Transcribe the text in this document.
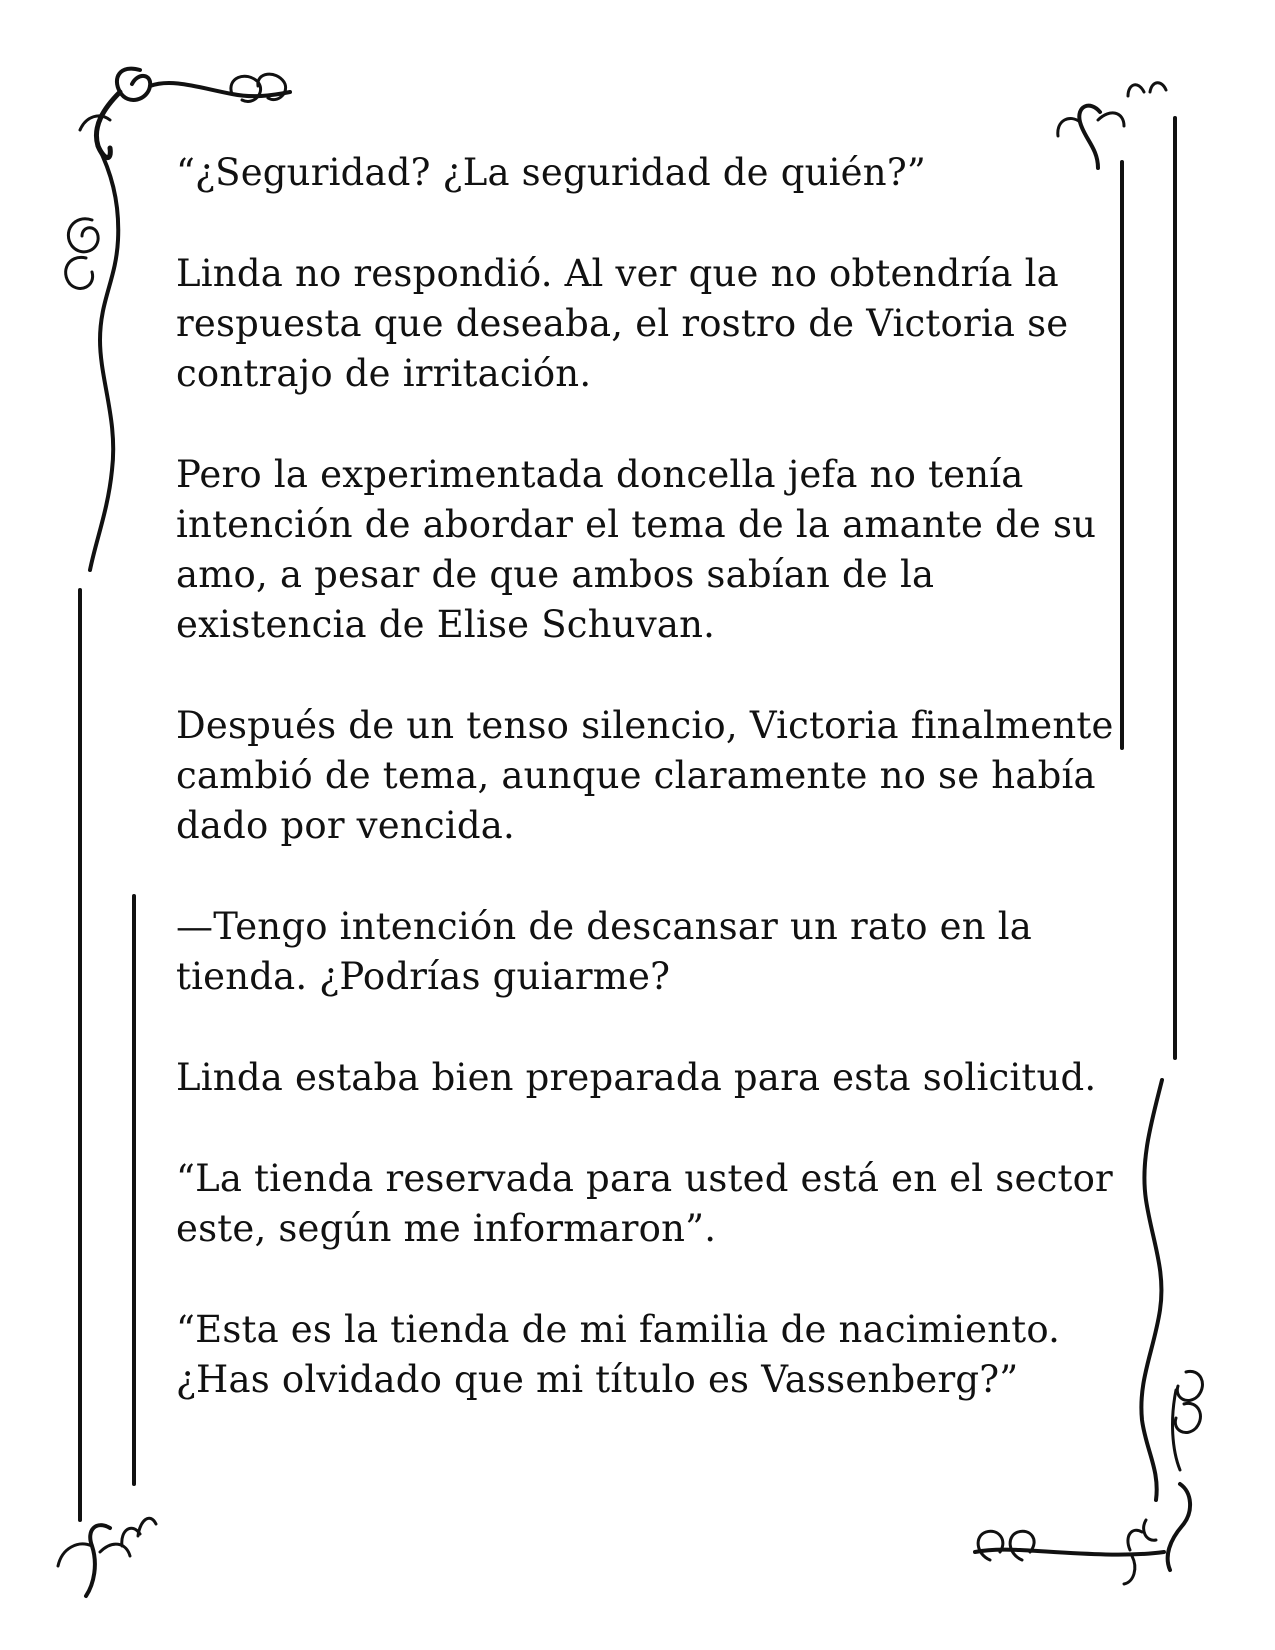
“¿Seguridad? ¿La seguridad de quién?”

Linda no respondió. Al ver que no obtendría la respuesta que deseaba, el rostro de Victoria se contrajo de irritación.

Pero la experimentada doncella jefa no tenía intención de abordar el tema de la amante de su amo, a pesar de que ambos sabían de la existencia de Elise Schuvan.

Después de un tenso silencio, Victoria finalmente cambió de tema, aunque claramente no se había dado por vencida.

—Tengo intención de descansar un rato en la tienda. ¿Podrías guiarme?

Linda estaba bien preparada para esta solicitud.

“La tienda reservada para usted está en el sector este, según me informaron”.

“Esta es la tienda de mi familia de nacimiento. ¿Has olvidado que mi título es Vassenberg?”
